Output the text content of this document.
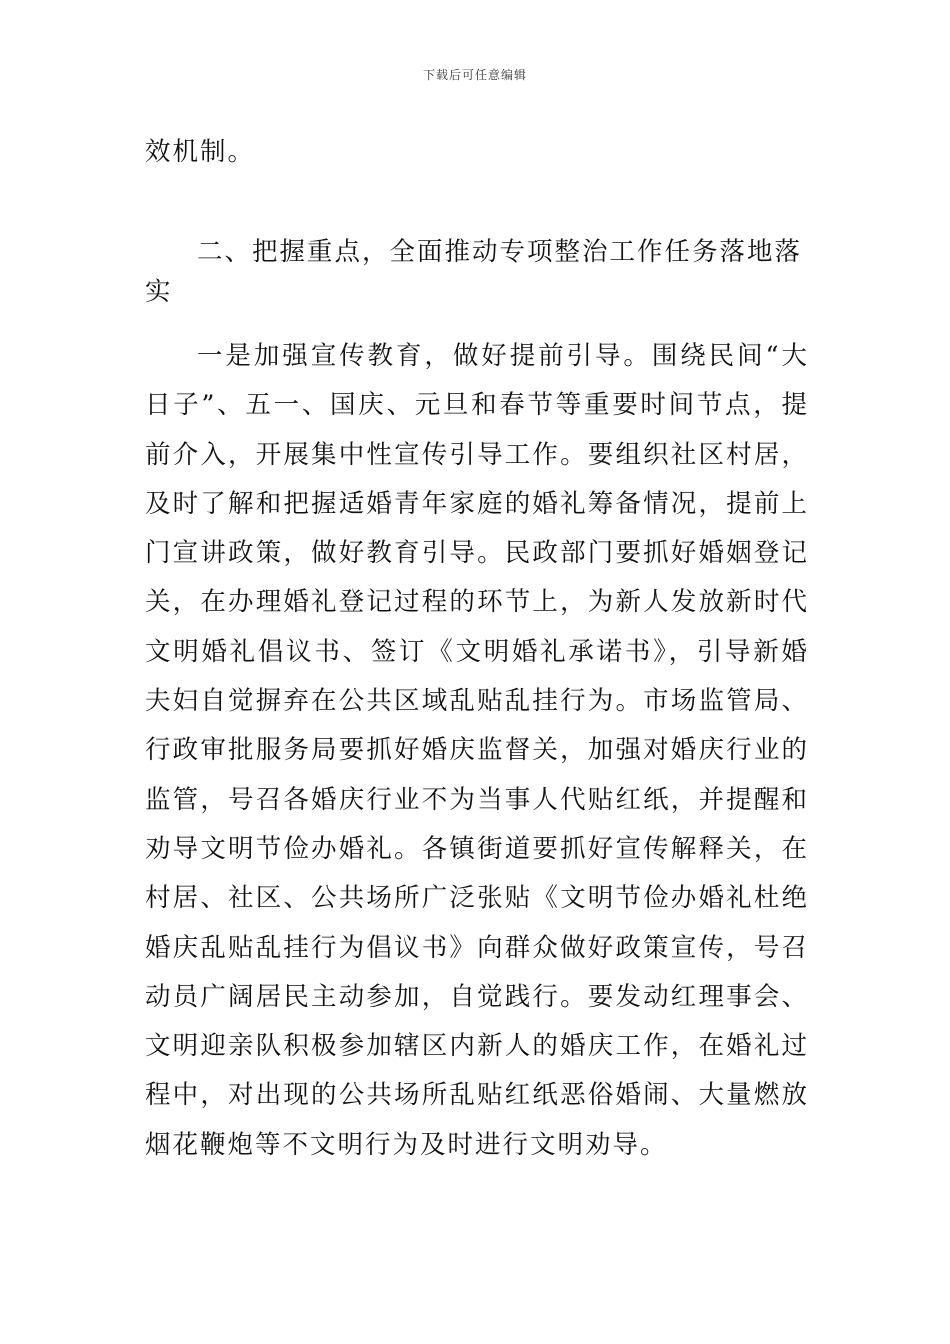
下载后可任意编辑
效机制。
二、把握重点，全面推动专项整治工作任务落地落实
一是加强宣传教育，做好提前引导。围绕民间“大日子”、五一、国庆、元旦和春节等重要时间节点，提前介入，开展集中性宣传引导工作。要组织社区村居，及时了解和把握适婚青年家庭的婚礼筹备情况，提前上门宣讲政策，做好教育引导。民政部门要抓好婚姻登记关，在办理婚礼登记过程的环节上，为新人发放新时代文明婚礼倡议书、签订《文明婚礼承诺书》，引导新婚夫妇自觉摒弃在公共区域乱贴乱挂行为。市场监管局、行政审批服务局要抓好婚庆监督关，加强对婚庆行业的监管，号召各婚庆行业不为当事人代贴红纸，并提醒和劝导文明节俭办婚礼。各镇街道要抓好宣传解释关，在村居、社区、公共场所广泛张贴《文明节俭办婚礼杜绝婚庆乱贴乱挂行为倡议书》向群众做好政策宣传，号召动员广阔居民主动参加，自觉践行。要发动红理事会、文明迎亲队积极参加辖区内新人的婚庆工作，在婚礼过程中，对出现的公共场所乱贴红纸恶俗婚闹、大量燃放烟花鞭炮等不文明行为及时进行文明劝导。
